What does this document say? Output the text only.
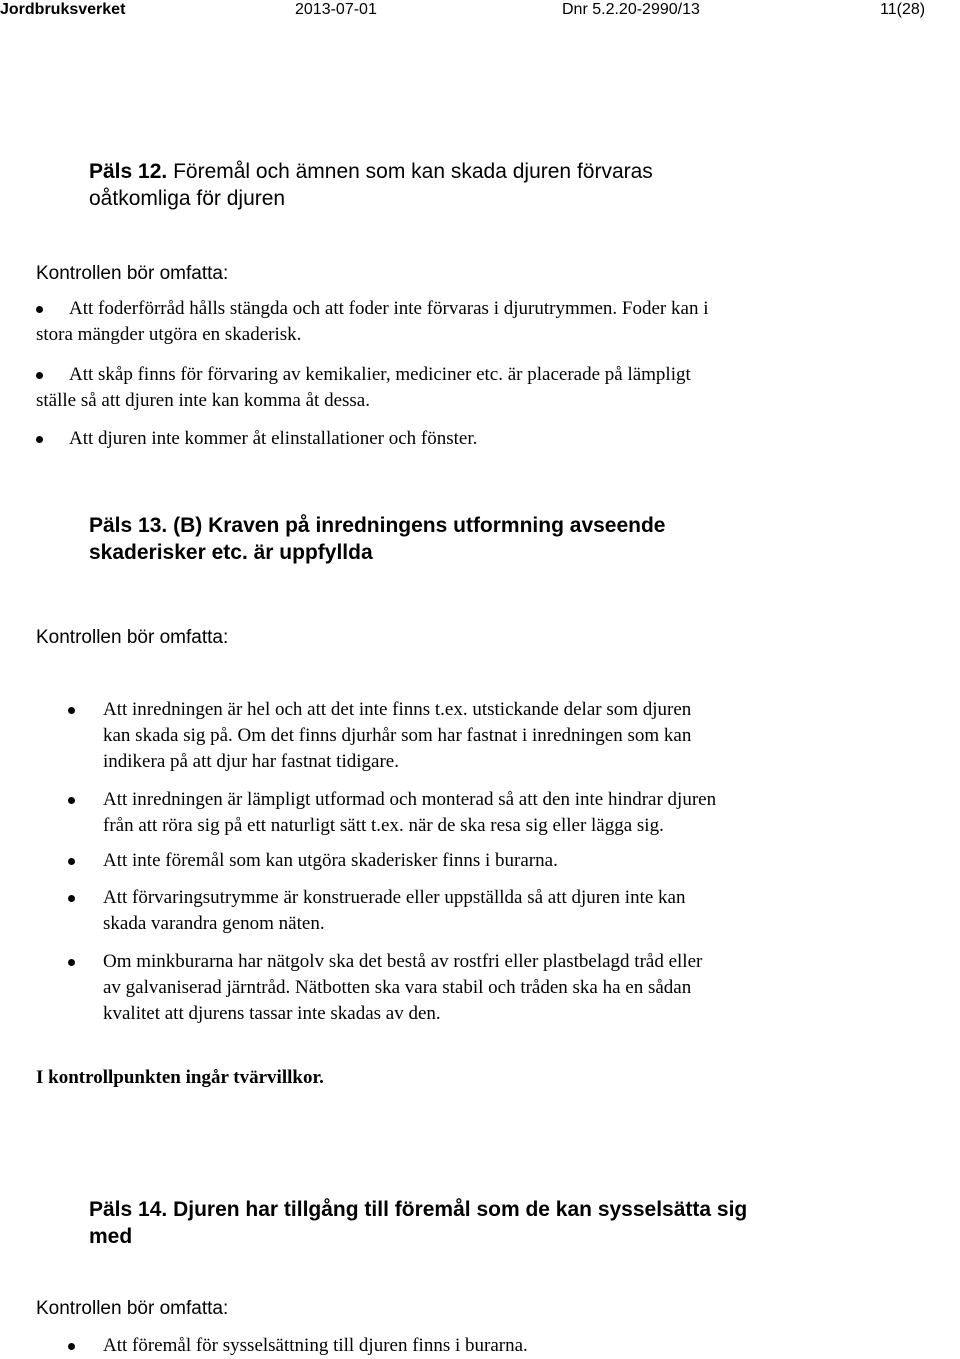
Jordbruksverket	2013-07-01	Dnr 5.2.20-2990/13	11(28)
Päls 12. Föremål och ämnen som kan skada djuren förvaras
oåtkomliga för djuren
Kontrollen bör omfatta:
Att foderförråd hålls stängda och att foder inte förvaras i djurutrymmen. Foder kan i
stora mängder utgöra en skaderisk.
Att skåp finns för förvaring av kemikalier, mediciner etc. är placerade på lämpligt
ställe så att djuren inte kan komma åt dessa.
Att djuren inte kommer åt elinstallationer och fönster.
Päls 13. (B) Kraven på inredningens utformning avseende
skaderisker etc. är uppfyllda
Kontrollen bör omfatta:
Att inredningen är hel och att det inte finns t.ex. utstickande delar som djuren
kan skada sig på. Om det finns djurhår som har fastnat i inredningen som kan
indikera på att djur har fastnat tidigare.
Att inredningen är lämpligt utformad och monterad så att den inte hindrar djuren
från att röra sig på ett naturligt sätt t.ex. när de ska resa sig eller lägga sig.
Att inte föremål som kan utgöra skaderisker finns i burarna.
Att förvaringsutrymme är konstruerade eller uppställda så att djuren inte kan
skada varandra genom näten.
Om minkburarna har nätgolv ska det bestå av rostfri eller plastbelagd tråd eller
av galvaniserad järntråd. Nätbotten ska vara stabil och tråden ska ha en sådan
kvalitet att djurens tassar inte skadas av den.
I kontrollpunkten ingår tvärvillkor.
Päls 14. Djuren har tillgång till föremål som de kan sysselsätta sig
med
Kontrollen bör omfatta:
Att föremål för sysselsättning till djuren finns i burarna.
